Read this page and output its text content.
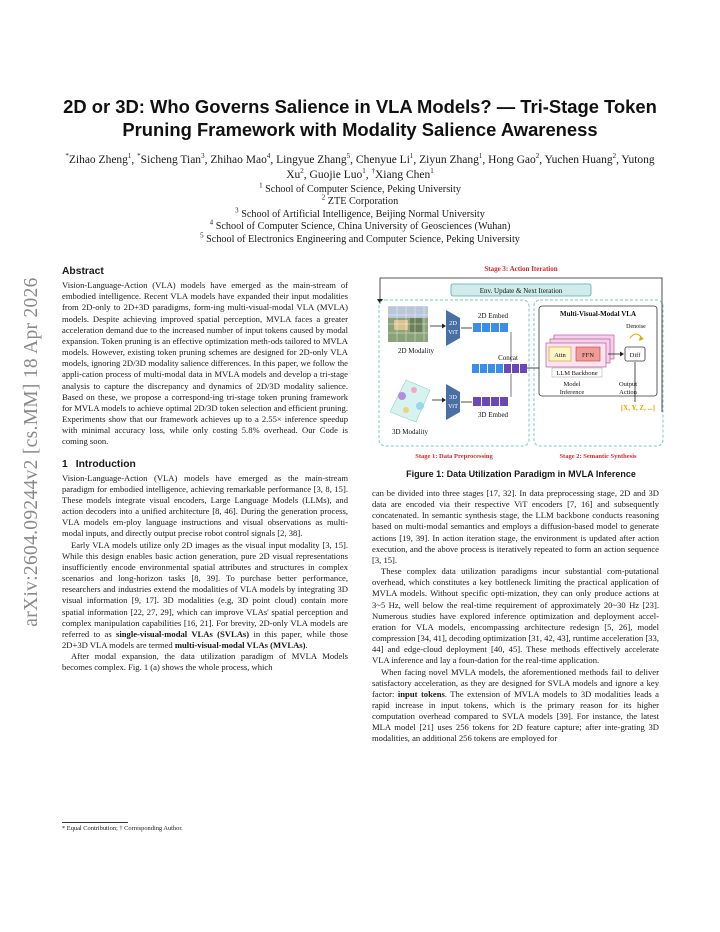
arXiv:2604.09244v2 [cs.MM] 18 Apr 2026
2D or 3D: Who Governs Salience in VLA Models? — Tri-Stage Token Pruning Framework with Modality Salience Awareness
*Zihao Zheng$^1$, *Sicheng Tian$^3$, Zhihao Mao$^4$, Lingyue Zhang$^5$, Chenyue Li$^1$, Ziyun Zhang$^1$, Hong Gao$^2$, Yuchen Huang$^2$, Yutong Xu$^2$, Guojie Luo$^1$, †Xiang Chen$^1$
$^1$ School of Computer Science, Peking University
$^2$ ZTE Corporation
$^3$ School of Artificial Intelligence, Beijing Normal University
$^4$ School of Computer Science, China University of Geosciences (Wuhan)
$^5$ School of Electronics Engineering and Computer Science, Peking University
Abstract

Vision-Language-Action (VLA) models have emerged as the main-stream of embodied intelligence. Recent VLA models have expanded their input modalities from 2D-only to 2D+3D paradigms, form-ing multi-visual-modal VLA (MVLA) models. Despite achieving improved spatial perception, MVLA faces a greater acceleration demand due to the increased number of input tokens caused by modal expansion. Token pruning is an effective optimization meth-ods tailored to MVLA models. However, existing token pruning schemes are designed for 2D-only VLA models, ignoring 2D/3D modality salience differences. In this paper, we follow the appli-cation process of multi-modal data in MVLA models and develop a tri-stage analysis to capture the discrepancy and dynamics of 2D/3D modality salience. Based on these, we propose a correspond-ing tri-stage token pruning framework for MVLA models to achieve optimal 2D/3D token selection and efficient pruning. Experiments show that our framework achieves up to a 2.55× inference speedup with minimal accuracy loss, while only costing 5.8% overhead. Our Code is coming soon.

1 Introduction

Vision-Language-Action (VLA) models have emerged as the main-stream paradigm for embodied intelligence, achieving remarkable performance [3, 8, 15]. These models integrate visual encoders, Large Language Models (LLMs), and action decoders into a unified architecture [8, 46]. During the generation process, VLA models em-ploy language instructions and visual observations as multi-modal inputs, and directly output precise robot control signals [2, 38].

Early VLA models utilize only 2D images as the visual input modality [3, 15]. While this design enables basic action generation, pure 2D visual representations insufficiently encode environmental spatial attributes and structures in complex scenarios and long-horizon tasks [8, 39]. To purchase better performance, researchers and industries extend the modalities of VLA models by integrating 3D visual information [9, 17]. 3D modalities (e.g, 3D point cloud) contain more spatial information [22, 27, 29], which can improve VLAs' spatial perception and complex manipulation capabilities [16, 21]. For brevity, 2D-only VLA models are referred to as single-visual-modal VLAs (SVLAs) in this paper, while those 2D+3D VLA models are termed multi-visual-modal VLAs (MVLAs).

After modal expansion, the data utilization paradigm of MVLA Models becomes complex. Fig. 1 (a) shows the whole process, which

* Equal Contribution; † Corresponding Author.
Stage 3: Action Iteration
Env. Update & Next Iteration
2D Modality
3D Modality
2D
ViT
3D
ViT
2D Embed
3D Embed
Concat
Multi-Visual-Modal VLA
Attn	FFN
LLM Backbone
Diff
Denoise
Model
Inference
Output
Action
[X, Y, Z, ...]
Stage 1: Data Preprocessing	Stage 2: Semantic Synthesis
Figure 1: Data Utilization Paradigm in MVLA Inference

can be divided into three stages [17, 32]. In data preprocessing stage, 2D and 3D data are encoded via their respective ViT encoders [7, 16] and subsequently concatenated. In semantic synthesis stage, the LLM backbone conducts reasoning based on multi-modal semantics and employs a diffusion-based model to generate actions [19, 39]. In action iteration stage, the environment is updated after action execution, and the above process is iteratively repeated to form an action sequence [3, 15].

These complex data utilization paradigms incur substantial com-putational overhead, which constitutes a key bottleneck limiting the practical application of MVLA models. Without specific opti-mization, they can only produce actions at 3~5 Hz, well below the real-time requirement of approximately 20~30 Hz [23]. Numerous studies have explored inference optimization and deployment accel-eration for VLA models, encompassing architecture redesign [5, 26], model compression [34, 41], decoding optimization [31, 42, 43], runtime acceleration [33, 44] and edge-cloud deployment [40, 45]. These methods effectively accelerate VLA inference and lay a foun-dation for the real-time application.

When facing novel MVLA models, the aforementioned methods fail to deliver satisfactory acceleration, as they are designed for SVLA models and ignore a key factor: input tokens. The extension of MVLA models to 3D modalities leads a rapid increase in input tokens, which is the primary reason for its higher computation overhead compared to SVLA models [39]. For instance, the latest MLA model [21] uses 256 tokens for 2D feature capture; after inte-grating 3D modalities, an additional 256 tokens are employed for
